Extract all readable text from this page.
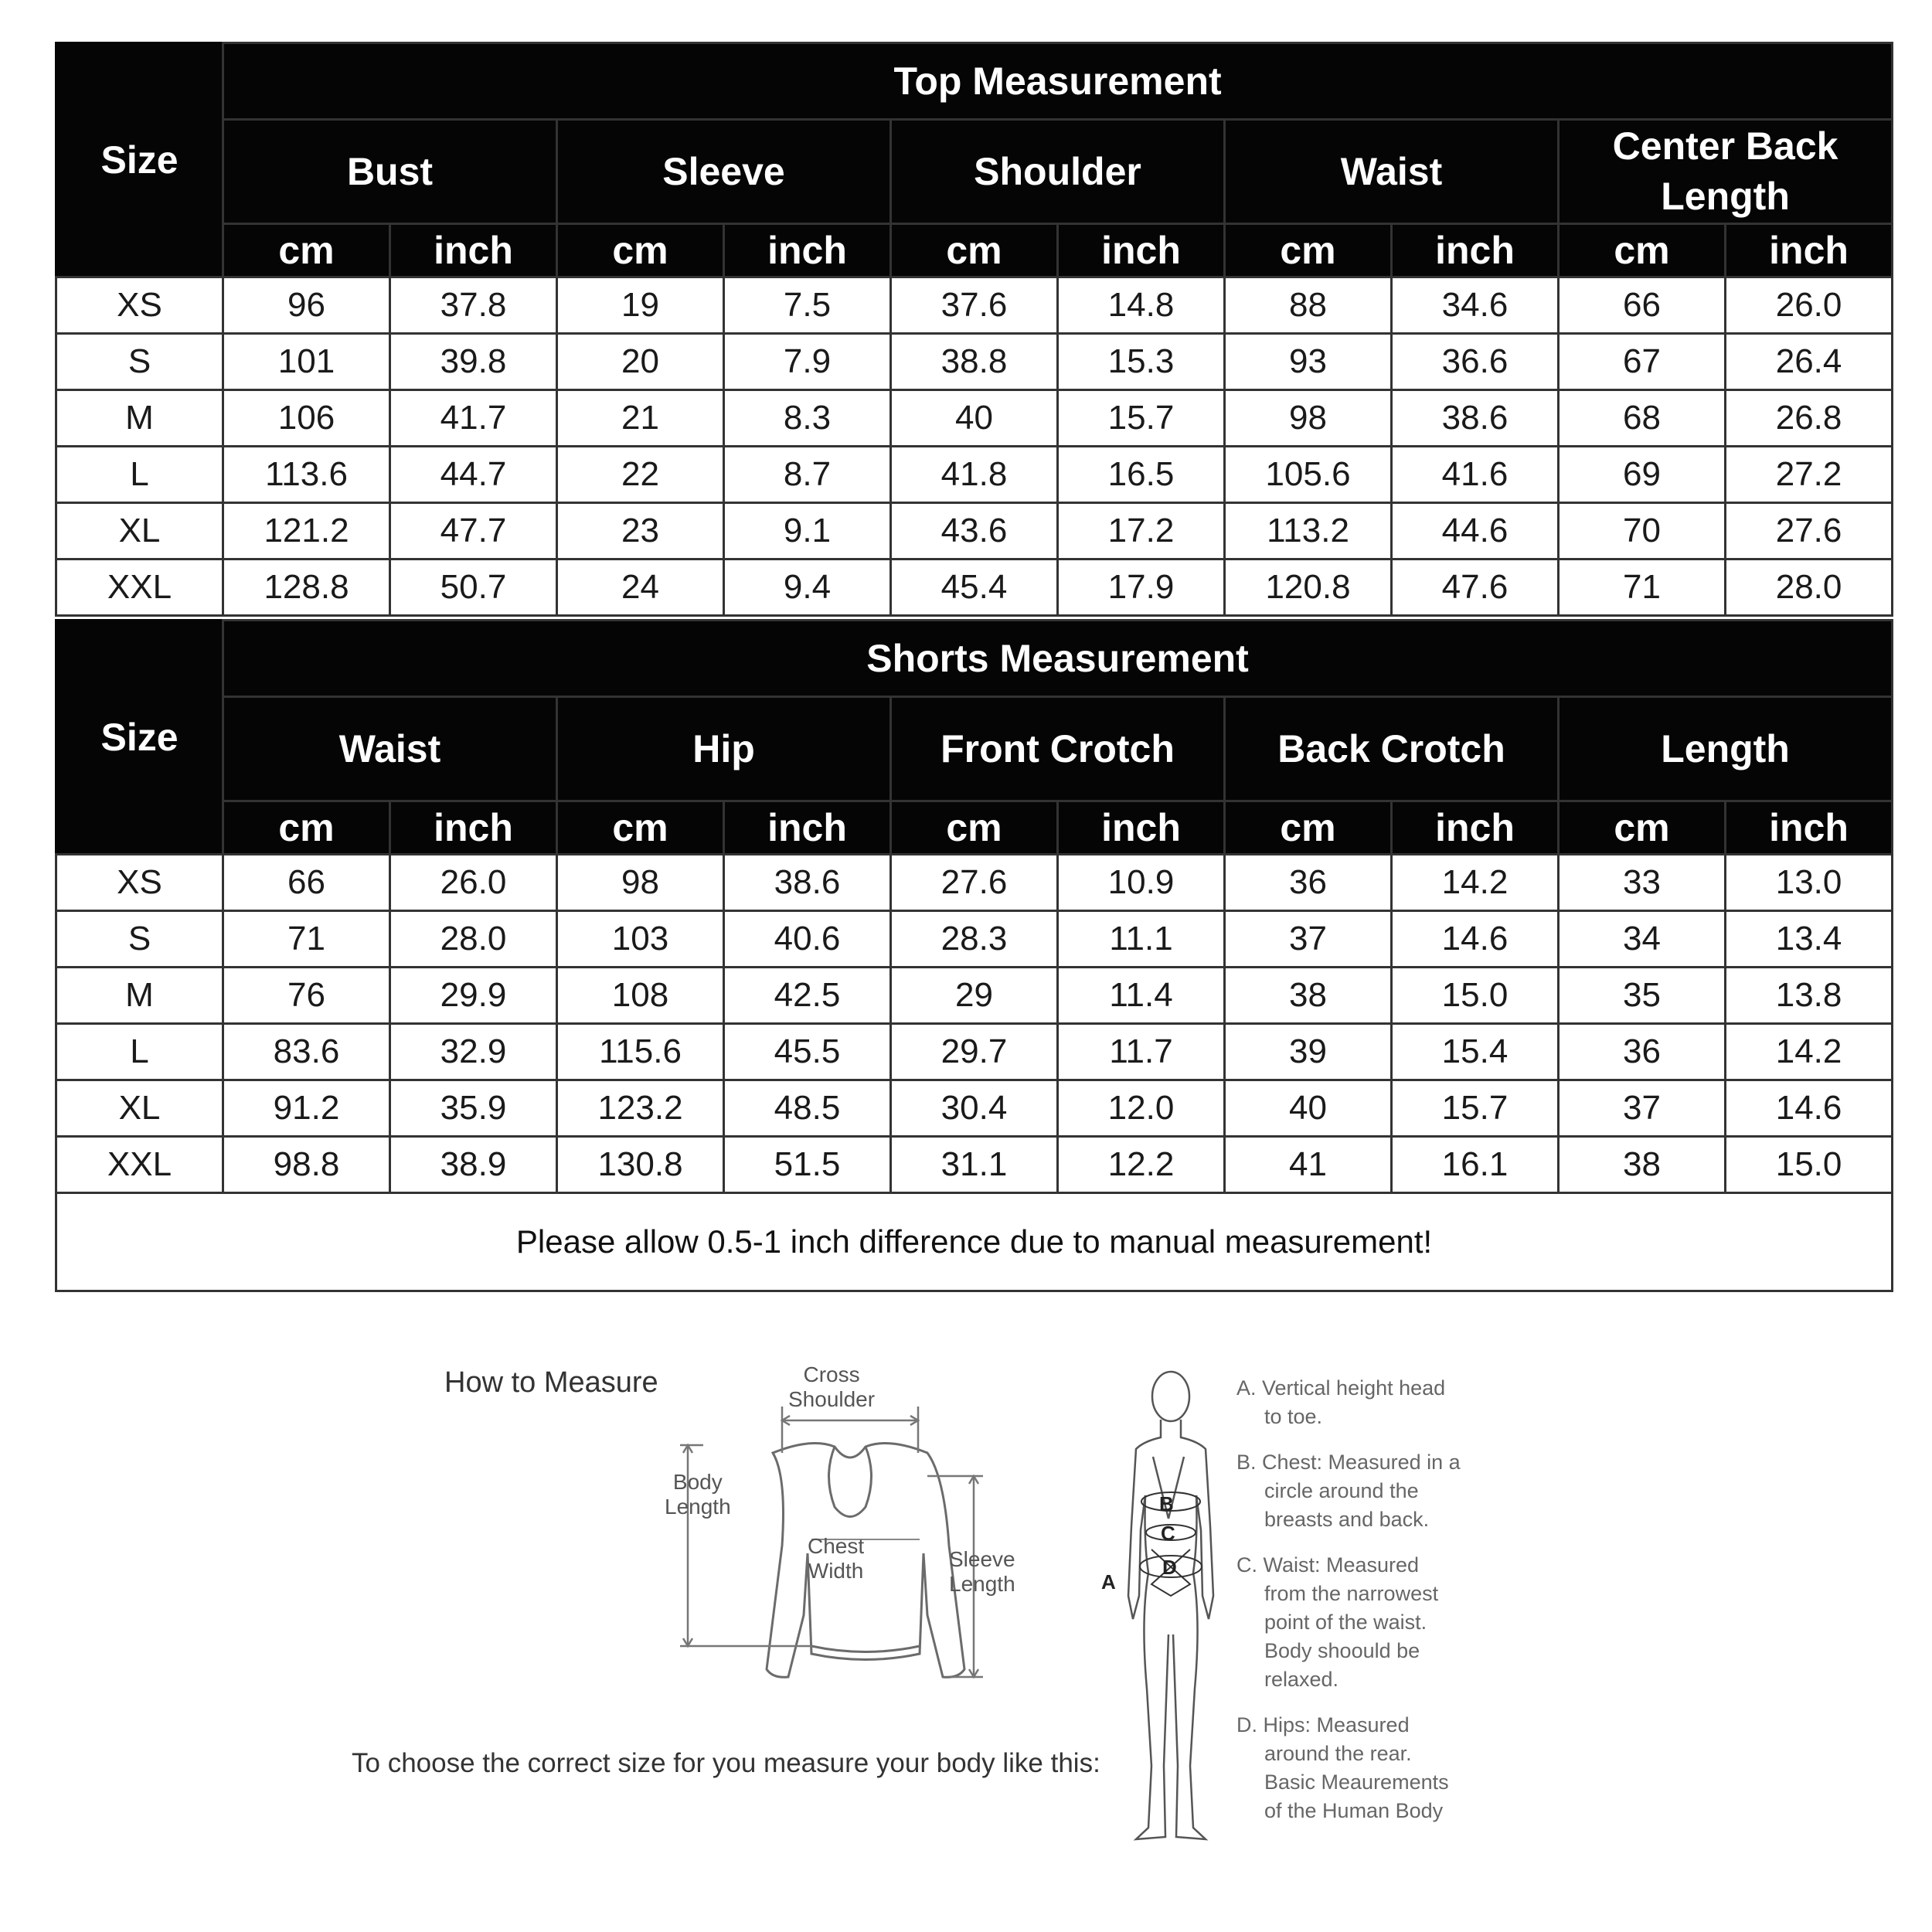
Size	Top Measurement									
	Bust		Sleeve		Shoulder		Waist		Center Back Length	
	cm	inch	cm	inch	cm	inch	cm	inch	cm	inch
XS	96	37.8	19	7.5	37.6	14.8	88	34.6	66	26.0
S	101	39.8	20	7.9	38.8	15.3	93	36.6	67	26.4
M	106	41.7	21	8.3	40	15.7	98	38.6	68	26.8
L	113.6	44.7	22	8.7	41.8	16.5	105.6	41.6	69	27.2
XL	121.2	47.7	23	9.1	43.6	17.2	113.2	44.6	70	27.6
XXL	128.8	50.7	24	9.4	45.4	17.9	120.8	47.6	71	28.0
Size	Shorts Measurement									
	Waist		Hip		Front Crotch		Back Crotch		Length	
	cm	inch	cm	inch	cm	inch	cm	inch	cm	inch
XS	66	26.0	98	38.6	27.6	10.9	36	14.2	33	13.0
S	71	28.0	103	40.6	28.3	11.1	37	14.6	34	13.4
M	76	29.9	108	42.5	29	11.4	38	15.0	35	13.8
L	83.6	32.9	115.6	45.5	29.7	11.7	39	15.4	36	14.2
XL	91.2	35.9	123.2	48.5	30.4	12.0	40	15.7	37	14.6
XXL	98.8	38.9	130.8	51.5	31.1	12.2	41	16.1	38	15.0
Please allow 0.5-1 inch difference due to manual measurement!										
How to Measure	Cross
Shoulder
Body
Length
Chest
Width	Sleeve
Length
To choose the correct size for you measure your body like this:
B
C
D
A

A. Vertical height head
to toe.

B. Chest: Measured in a
circle around the
breasts and back.

C. Waist: Measured
from the narrowest
point of the waist.
Body shoould be
relaxed.

D. Hips: Measured
around the rear.
Basic Meaurements
of the Human Body
